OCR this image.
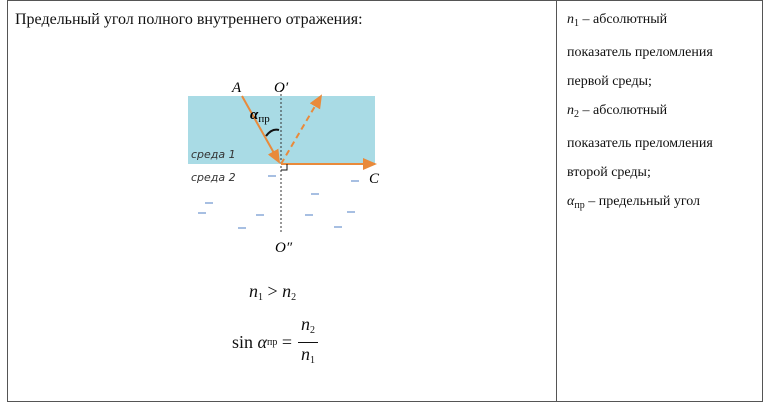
Предельный угол полного внутреннего отражения:
A O′
$\alpha_{пр}$
среда 1
среда 2	C
O″
$n_1 > n_2$
sin
α пр
= $\frac{n_2}{n_1}$
$n_1$ – абсолютный
показатель преломления
первой среды;
$n_2$ – абсолютный
показатель преломления
второй среды;
$\alpha_{пр}$ – предельный угол
